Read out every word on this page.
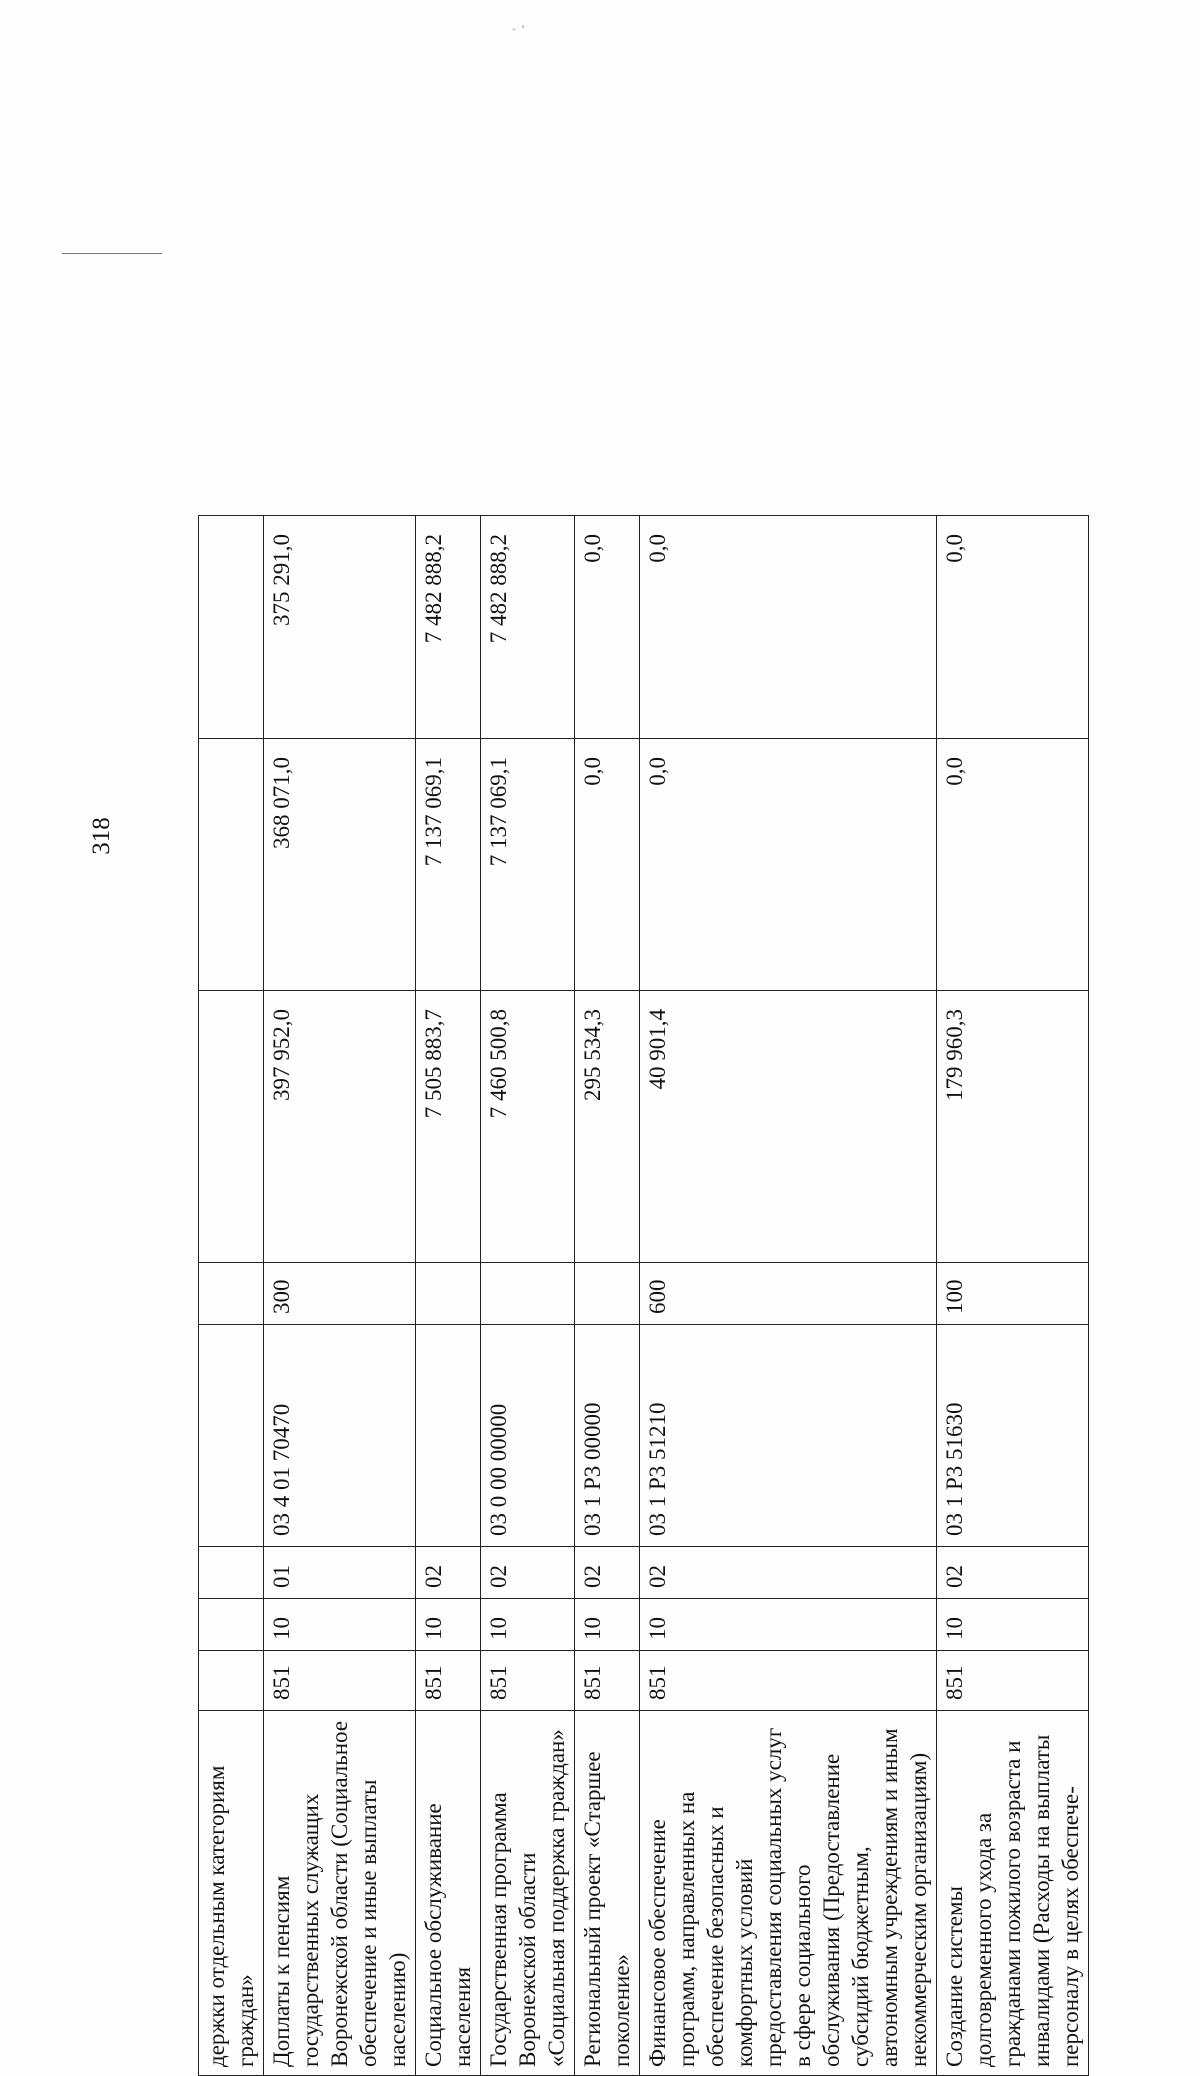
318
·  '
держки отдельным категориям граждан»								
Доплаты к пенсиям государственных служащих Воронежской области (Социальное обеспечение и иные выплаты населению)	851	10	01	03 4 01 70470	300	397 952,0	368 071,0	375 291,0
Социальное обслуживание населения	851	10	02			7 505 883,7	7 137 069,1	7 482 888,2
Государственная программа Воронежской области «Социальная поддержка граждан»	851	10	02	03 0 00 00000		7 460 500,8	7 137 069,1	7 482 888,2
Региональный проект «Старшее поколение»	851	10	02	03 1 P3 00000		295 534,3	0,0	0,0
Финансовое обеспечение программ, направленных на обеспечение безопасных и комфортных условий предоставления социальных услуг в сфере социального обслуживания (Предоставление субсидий бюджетным, автономным учреждениям и иным некоммерческим организациям)	851	10	02	03 1 P3 51210	600	40 901,4	0,0	0,0
Создание системы долговременного ухода за гражданами пожилого возраста и инвалидами (Расходы на выплаты персоналу в целях обеспече-	851	10	02	03 1 P3 51630	100	179 960,3	0,0	0,0
